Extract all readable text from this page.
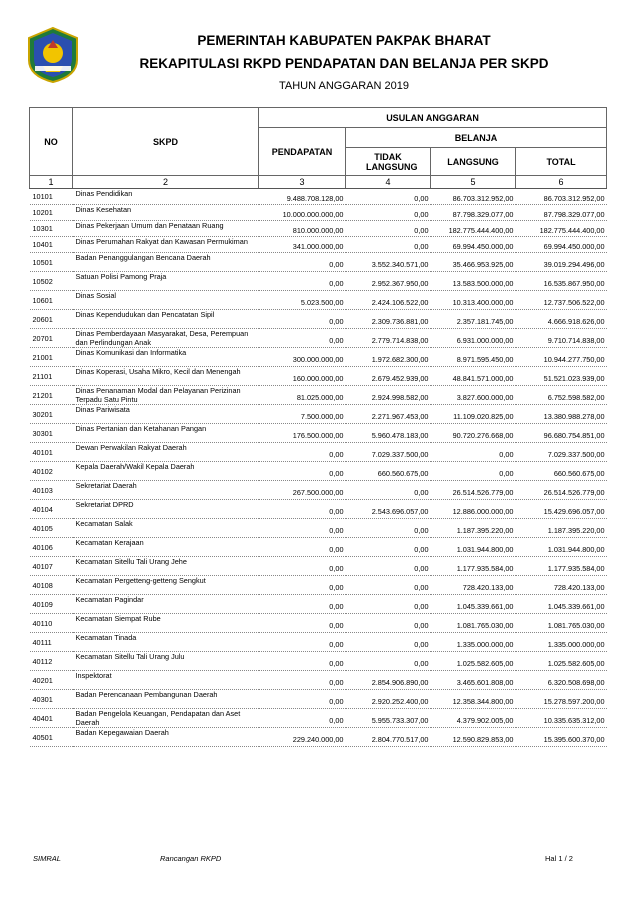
PEMERINTAH KABUPATEN PAKPAK BHARAT
REKAPITULASI RKPD PENDAPATAN DAN BELANJA PER SKPD
TAHUN ANGGARAN 2019
NO	SKPD	USULAN ANGGARAN			
		PENDAPATAN	BELANJA		
			TIDAK LANGSUNG	LANGSUNG	TOTAL
1	2	3	4	5	6
10101	Dinas Pendidikan	9.488.708.128,00	0,00	86.703.312.952,00	86.703.312.952,00
10201	Dinas Kesehatan	10.000.000.000,00	0,00	87.798.329.077,00	87.798.329.077,00
10301	Dinas Pekerjaan Umum dan Penataan Ruang	810.000.000,00	0,00	182.775.444.400,00	182.775.444.400,00
10401	Dinas Perumahan Rakyat dan Kawasan Permukiman	341.000.000,00	0,00	69.994.450.000,00	69.994.450.000,00
10501	Badan Penanggulangan Bencana Daerah	0,00	3.552.340.571,00	35.466.953.925,00	39.019.294.496,00
10502	Satuan Polisi Pamong Praja	0,00	2.952.367.950,00	13.583.500.000,00	16.535.867.950,00
10601	Dinas Sosial	5.023.500,00	2.424.106.522,00	10.313.400.000,00	12.737.506.522,00
20601	Dinas Kependudukan dan Pencatatan Sipil	0,00	2.309.736.881,00	2.357.181.745,00	4.666.918.626,00
20701	Dinas Pemberdayaan Masyarakat, Desa, Perempuan dan Perlindungan Anak	0,00	2.779.714.838,00	6.931.000.000,00	9.710.714.838,00
21001	Dinas Komunikasi dan Informatika	300.000.000,00	1.972.682.300,00	8.971.595.450,00	10.944.277.750,00
21101	Dinas Koperasi, Usaha Mikro, Kecil dan Menengah	160.000.000,00	2.679.452.939,00	48.841.571.000,00	51.521.023.939,00
21201	Dinas Penanaman Modal dan Pelayanan Perizinan Terpadu Satu Pintu	81.025.000,00	2.924.998.582,00	3.827.600.000,00	6.752.598.582,00
30201	Dinas Pariwisata	7.500.000,00	2.271.967.453,00	11.109.020.825,00	13.380.988.278,00
30301	Dinas Pertanian dan Ketahanan Pangan	176.500.000,00	5.960.478.183,00	90.720.276.668,00	96.680.754.851,00
40101	Dewan Perwakilan Rakyat Daerah	0,00	7.029.337.500,00	0,00	7.029.337.500,00
40102	Kepala Daerah/Wakil Kepala Daerah	0,00	660.560.675,00	0,00	660.560.675,00
40103	Sekretariat Daerah	267.500.000,00	0,00	26.514.526.779,00	26.514.526.779,00
40104	Sekretariat DPRD	0,00	2.543.696.057,00	12.886.000.000,00	15.429.696.057,00
40105	Kecamatan Salak	0,00	0,00	1.187.395.220,00	1.187.395.220,00
40106	Kecamatan Kerajaan	0,00	0,00	1.031.944.800,00	1.031.944.800,00
40107	Kecamatan Sitellu Tali Urang Jehe	0,00	0,00	1.177.935.584,00	1.177.935.584,00
40108	Kecamatan Pergetteng-getteng Sengkut	0,00	0,00	728.420.133,00	728.420.133,00
40109	Kecamatan Pagindar	0,00	0,00	1.045.339.661,00	1.045.339.661,00
40110	Kecamatan Siempat Rube	0,00	0,00	1.081.765.030,00	1.081.765.030,00
40111	Kecamatan Tinada	0,00	0,00	1.335.000.000,00	1.335.000.000,00
40112	Kecamatan Sitellu Tali Urang Julu	0,00	0,00	1.025.582.605,00	1.025.582.605,00
40201	Inspektorat	0,00	2.854.906.890,00	3.465.601.808,00	6.320.508.698,00
40301	Badan Perencanaan Pembangunan Daerah	0,00	2.920.252.400,00	12.358.344.800,00	15.278.597.200,00
40401	Badan Pengelola Keuangan, Pendapatan dan Aset Daerah	0,00	5.955.733.307,00	4.379.902.005,00	10.335.635.312,00
40501	Badan Kepegawaian Daerah	229.240.000,00	2.804.770.517,00	12.590.829.853,00	15.395.600.370,00
SIMRAL	Rancangan RKPD	Hal 1 / 2
